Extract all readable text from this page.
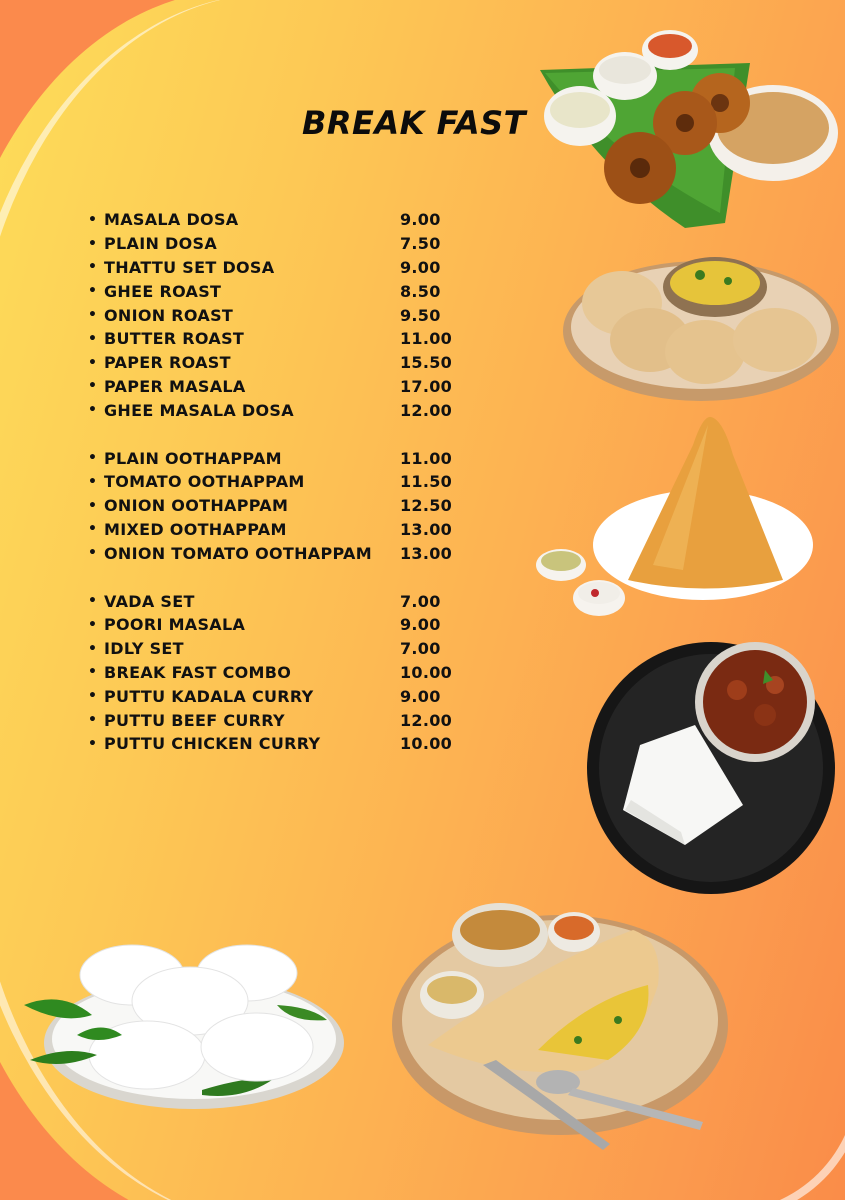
BREAK FAST
• MASALA DOSA	9.00
• PLAIN DOSA	7.50
• THATTU SET DOSA	9.00
• GHEE ROAST	8.50
• ONION ROAST	9.50
• BUTTER ROAST	11.00
• PAPER ROAST	15.50
• PAPER MASALA	17.00
• GHEE MASALA DOSA	12.00
• PLAIN OOTHAPPAM	11.00
• TOMATO OOTHAPPAM	11.50
• ONION OOTHAPPAM	12.50
• MIXED OOTHAPPAM	13.00
• ONION TOMATO OOTHAPPAM	13.00
• VADA SET	7.00
• POORI MASALA	9.00
• IDLY SET	7.00
• BREAK FAST COMBO	10.00
• PUTTU KADALA CURRY	9.00
• PUTTU BEEF CURRY	12.00
• PUTTU CHICKEN CURRY	10.00
